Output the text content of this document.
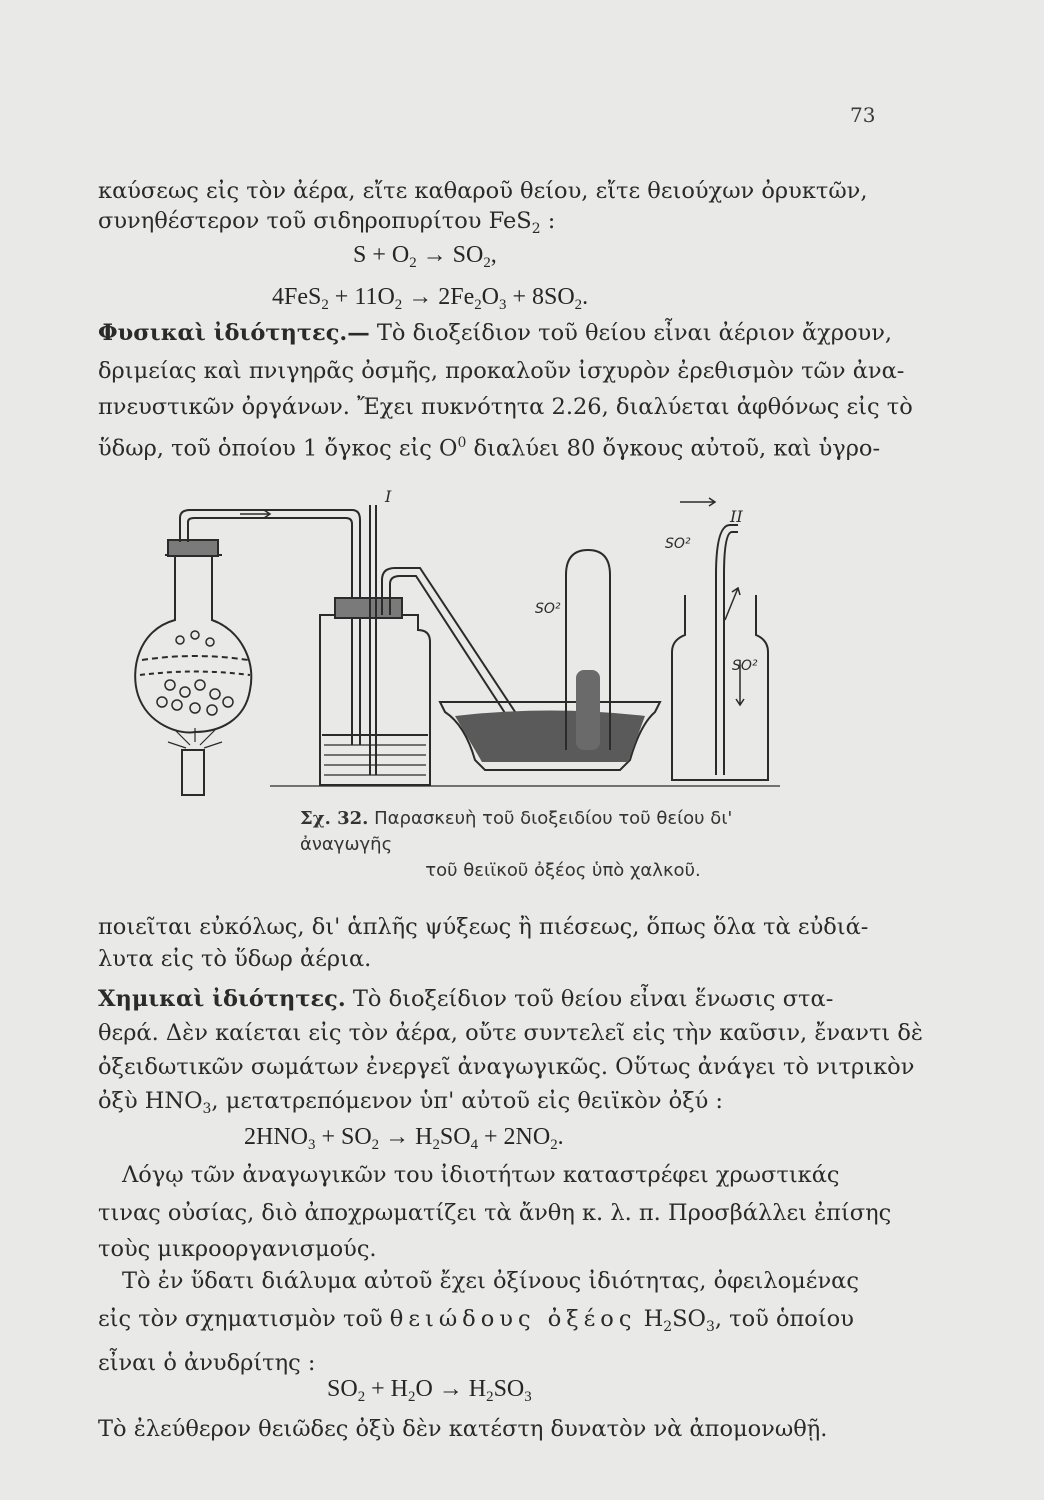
73
καύσεως εἰς τὸν ἀέρα, εἴτε καθαροῦ θείου, εἴτε θειούχων ὀρυκτῶν,
συνηθέστερον τοῦ σιδηροπυρίτου FeS$_2$ :
$S + O_2 \to SO_2$,
$4FeS_2 + 11O_2 \to 2Fe_2O_3 + 8SO_2$.
Φυσικαὶ ἰδιότητες.— Τὸ διοξείδιον τοῦ θείου εἶναι ἀέριον ἄχρουν,
δριμείας καὶ πνιγηρᾶς ὀσμῆς, προκαλοῦν ἰσχυρὸν ἐρεθισμὸν τῶν ἀνα-
πνευστικῶν ὀργάνων. Ἔχει πυκνότητα 2.26, διαλύεται ἀφθόνως εἰς τὸ
ὕδωρ, τοῦ ὁποίου 1 ὄγκος εἰς $O^0$ διαλύει 80 ὄγκους αὐτοῦ, καὶ ὑγρο-
I
II
SO²
SO²
SO²
Σχ. 32. Παρασκευὴ τοῦ διοξειδίου τοῦ θείου δι' ἀναγωγῆς
τοῦ θειϊκοῦ ὀξέος ὑπὸ χαλκοῦ.
ποιεῖται εὐκόλως, δι' ἁπλῆς ψύξεως ἢ πιέσεως, ὅπως ὅλα τὰ εὐδιά-
λυτα εἰς τὸ ὕδωρ ἀέρια.
Χημικαὶ ἰδιότητες. Τὸ διοξείδιον τοῦ θείου εἶναι ἕνωσις στα-
θερά. Δὲν καίεται εἰς τὸν ἀέρα, οὔτε συντελεῖ εἰς τὴν καῦσιν, ἔναντι δὲ
ὀξειδωτικῶν σωμάτων ἐνεργεῖ ἀναγωγικῶς. Οὕτως ἀνάγει τὸ νιτρικὸν
ὀξὺ $HNO_3$, μετατρεπόμενον ὑπ' αὐτοῦ εἰς θειϊκὸν ὀξύ :
$2HNO_3 + SO_2 \to H_2SO_4 + 2NO_2$.
Λόγῳ τῶν ἀναγωγικῶν του ἰδιοτήτων καταστρέφει χρωστικάς
τινας οὐσίας, διὸ ἀποχρωματίζει τὰ ἄνθη κ. λ. π. Προσβάλλει ἐπίσης
τοὺς μικροοργανισμούς.
Τὸ ἐν ὕδατι διάλυμα αὐτοῦ ἔχει ὀξίνους ἰδιότητας, ὀφειλομένας
εἰς τὸν σχηματισμὸν τοῦ θειώδους ὀξέος $H_2SO_3$, τοῦ ὁποίου
εἶναι ὁ ἀνυδρίτης :
$SO_2 + H_2O \to H_2SO_3$
Τὸ ἐλεύθερον θειῶδες ὀξὺ δὲν κατέστη δυνατὸν νὰ ἀπομονωθῇ.
